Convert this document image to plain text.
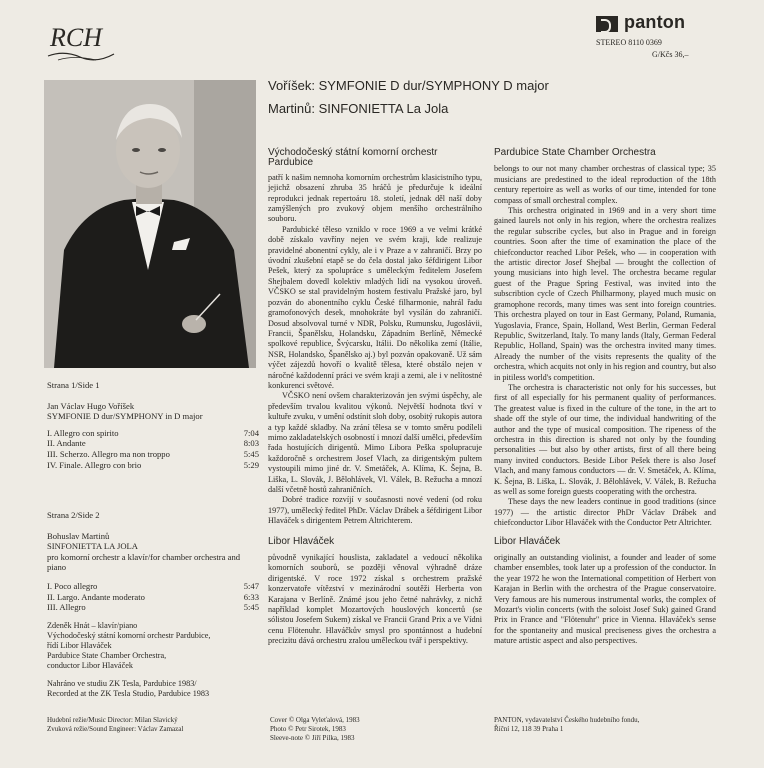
RCH
panton
STEREO 8110 0369
G/Kčs 36,–
Voříšek: SYMFONIE D dur/SYMPHONY D major
Martinů: SINFONIETTA La Jola

Východočeský státní komorní orchestr
Pardubice

patří k našim nemnoha komorním orchestrům klasicistního typu, jejichž obsazení zhruba 35 hráčů je předurčuje k ideální reprodukci jednak repertoáru 18. století, jednak děl naší doby zamýšlených pro zvukový objem menšího orchestrálního souboru.

Pardubické těleso vzniklo v roce 1969 a ve velmi krátké době získalo vavříny nejen ve svém kraji, kde realizuje pravidelné abonentní cykly, ale i v Praze a v zahraničí. Brzy po úvodní zkušební etapě se do čela dostal jako šéfdirigent Libor Pešek, který za spolupráce s uměleckým ředitelem Josefem Shejbalem dovedl kolektiv mladých lidí na vysokou úroveň. VČSKO se stal pravidelným hostem festivalu Pražské jaro, byl pozván do abonentního cyklu České filharmonie, nahrál řadu gramofonových desek, mnohokráte byl vysílán do zahraničí. Dosud absolvoval turné v NDR, Polsku, Rumunsku, Jugoslávii, Francii, Španělsku, Holandsku, Západním Berlíně, Německé spolkové republice, Švýcarsku, Itálii. Do několika zemí (Itálie, NSR, Holandsko, Španělsko aj.) byl pozván opakovaně. Už sám výčet zájezdů hovoří o kvalitě tělesa, které obstálo nejen v náročné každodenní práci ve svém kraji a zemi, ale i v nelítostné konkurenci světové.

VČSKO není ovšem charakterizován jen svými úspěchy, ale především trvalou kvalitou výkonů. Největší hodnota tkví v kultuře zvuku, v umění odstínit sloh doby, osobitý rukopis autora a typ každé skladby. Na zrání tělesa se v tomto směru podíleli mimo zakladatelských osobností i mnozí další umělci, především řada hostujících dirigentů. Mimo Libora Peška spolupracuje každoročně s orchestrem Josef Vlach, za dirigentským pultem vystoupili mimo jiné dr. V. Smetáček, A. Klíma, K. Šejna, B. Liška, L. Slovák, J. Bělohlávek, Vl. Válek, B. Režucha a mnozí další včetně hostů zahraničních.

Dobré tradice rozvíjí v současnosti nové vedení (od roku 1977), umělecký ředitel PhDr. Václav Drábek a šéfdirigent Libor Hlaváček s dirigentem Petrem Altrichterem.

Libor Hlaváček

původně vynikající houslista, zakladatel a vedoucí několika komorních souborů, se později věnoval výhradně dráze dirigentské. V roce 1972 získal s orchestrem pražské konzervatoře vítězství v mezinárodní soutěži Herberta von Karajana v Berlíně. Známé jsou jeho četné nahrávky, z nichž například komplet Mozartových houslových koncertů (se sólistou Josefem Sukem) získal ve Francii Grand Prix a ve Vídni cenu Flötenuhr. Hlaváčkův smysl pro spontánnost a hudební precizitu dává orchestru zralou uměleckou tvář i perspektivy.

Pardubice State Chamber Orchestra

belongs to our not many chamber orchestras of classical type; 35 musicians are predestined to the ideal reproduction of the 18th century repertoire as well as works of our time, intended for tone compass of small orchestral complex.

This orchestra originated in 1969 and in a very short time gained laurels not only in his region, where the orchestra realizes the regular subscribe cycles, but also in Prague and in foreign countries. Soon after the time of examination the place of the chiefconductor reached Libor Pešek, who — in cooperation with the artistic director Josef Shejbal — brought the collection of young musicians into high level. The orchestra became regular guest of the Prague Spring Festival, was invited into the subscribtion cycle of Czech Philharmony, played much music on gramophone records, many times was sent into foreign countries. This orchestra played on tour in East Germany, Poland, Rumania, Yugoslavia, France, Spain, Holland, West Berlin, German Federal Republic, Switzerland, Italy. To many lands (Italy, German Federal Republic, Holland, Spain) was the orchestra invited many times. Already the number of the visits represents the quality of the orchestra, which acquits not only in his region and country, but also in pitiless world's competition.

The orchestra is characteristic not only for his successes, but first of all especially for his permanent quality of performances. The greatest value is fixed in the culture of the tone, in the art to shade off the style of our time, the individual handwriting of the author and the type of musical composition. The ripeness of the orchestra in this direction is shared not only by the founding personalities — but also by other artists, first of all there being many invited conductors. Beside Libor Pešek there is also Josef Vlach, and many famous conductors — dr. V. Smetáček, A. Klíma, K. Šejna, B. Liška, L. Slovák, J. Bělohlávek, V. Válek, B. Režucha as well as some foreign guests cooperating with the orchestra.

These days the new leaders continue in good traditions (since 1977) — the artistic director PhDr Václav Drábek and chiefconductor Libor Hlaváček with the Conductor Petr Altrichter.

Libor Hlaváček

originally an outstanding violinist, a founder and leader of some chamber ensembles, took later up a profession of the conductor. In the year 1972 he won the International competition of Herbert von Karajan in Berlin with the orchestra of the Prague conservatoire. Very famous are his numerous instrumental works, the complex of Mozart's violin concerts (with the soloist Josef Suk) gained Grand Prix in France and "Flötenuhr" price in Vienna. Hlaváček's sense for the spontaneity and musical preciseness gives the orchestra a mature artistic aspect and also perspectives.

Strana 1/Side 1
Jan Václav Hugo Voříšek
SYMFONIE D dur/SYMPHONY in D major
I. Allegro con spirito	7:04
II. Andante	8:03
III. Scherzo. Allegro ma non troppo	5:45
IV. Finale. Allegro con brio	5:29
Strana 2/Side 2
Bohuslav Martinů
SINFONIETTA LA JOLA
pro komorní orchestr a klavír/for chamber orchestra and piano
I. Poco allegro	5:47
II. Largo. Andante moderato	6:33
III. Allegro	5:45
Zdeněk Hnát – klavír/piano
Východočeský státní komorní orchestr Pardubice,
řídí Libor Hlaváček
Pardubice State Chamber Orchestra,
conductor Libor Hlaváček
Nahráno ve studiu ZK Tesla, Pardubice 1983/
Recorded at the ZK Tesla Studio, Pardubice 1983
Hudební režie/Music Director: Milan Slavický
Zvuková režie/Sound Engineer: Václav Zamazal
Cover © Olga Vyleťalová, 1983
Photo © Petr Sirotek, 1983
Sleeve-note © Jiří Pilka, 1983
PANTON, vydavatelství Českého hudebního fondu,
Říční 12, 118 39 Praha 1
